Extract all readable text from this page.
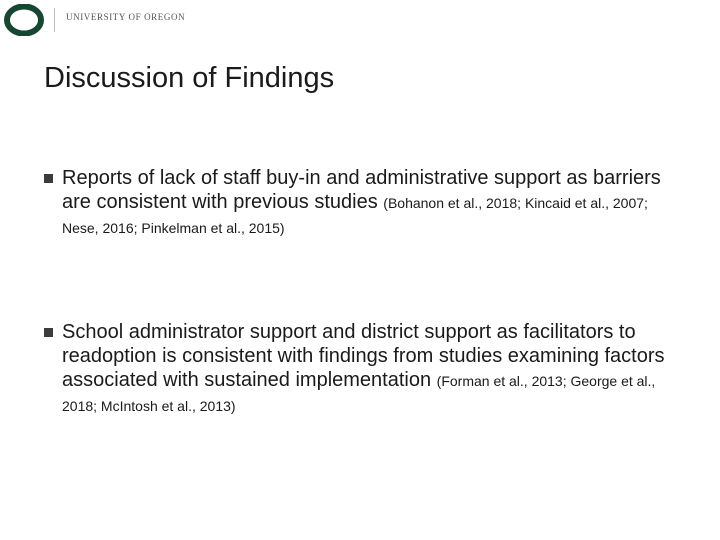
UNIVERSITY OF OREGON
Discussion of Findings
Reports of lack of staff buy-in and administrative support as barriers are consistent with previous studies (Bohanon et al., 2018; Kincaid et al., 2007; Nese, 2016; Pinkelman et al., 2015)
School administrator support and district support as facilitators to readoption is consistent with findings from studies examining factors associated with sustained implementation (Forman et al., 2013; George et al., 2018; McIntosh et al., 2013)
